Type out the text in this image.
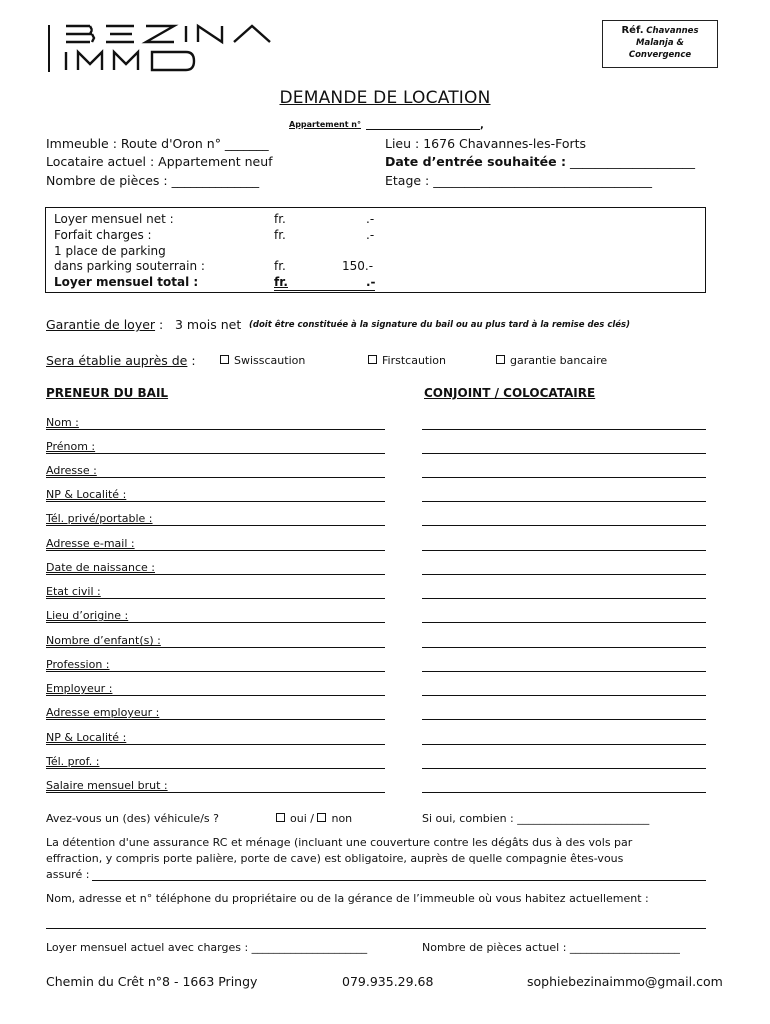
Réf. Chavannes
Malanja &
Convergence
DEMANDE DE LOCATION
Appartement n°	,
Immeuble : Route d'Oron n° _______
Locataire actuel : Appartement neuf
Nombre de pièces : ______________
Lieu : 1676 Chavannes-les-Forts
Date d’entrée souhaitée : ____________________
Etage : ___________________________________
Loyer mensuel net :	fr.	.-
Forfait charges :	fr.	.-
1 place de parking
dans parking souterrain :	fr.	150.-
Loyer mensuel total :	fr.	.-
Garantie de loyer : 3 mois net (doit être constituée à la signature du bail ou au plus tard à la remise des clés)
Sera établie auprès de :	Swisscaution	Firstcaution	garantie bancaire
PRENEUR DU BAIL	CONJOINT / COLOCATAIRE
Nom :
Prénom :
Adresse :
NP & Localité :
Tél. privé/portable :
Adresse e-mail :
Date de naissance :
Etat civil :
Lieu d’origine :
Nombre d’enfant(s) :
Profession :
Employeur :
Adresse employeur :
NP & Localité :
Tél. prof. :
Salaire mensuel brut :
Avez-vous un (des) véhicule/s ?	oui / non	Si oui, combien : ________________________
La détention d'une assurance RC et ménage (incluant une couverture contre les dégâts dus à des vols par
effraction, y compris porte palière, porte de cave) est obligatoire, auprès de quelle compagnie êtes-vous
assuré :
Nom, adresse et n° téléphone du propriétaire ou de la gérance de l’immeuble où vous habitez actuellement :
Loyer mensuel actuel avec charges : _____________________	Nombre de pièces actuel : ____________________
Chemin du Crêt n°8 - 1663 Pringy	079.935.29.68	sophiebezinaimmo@gmail.com
